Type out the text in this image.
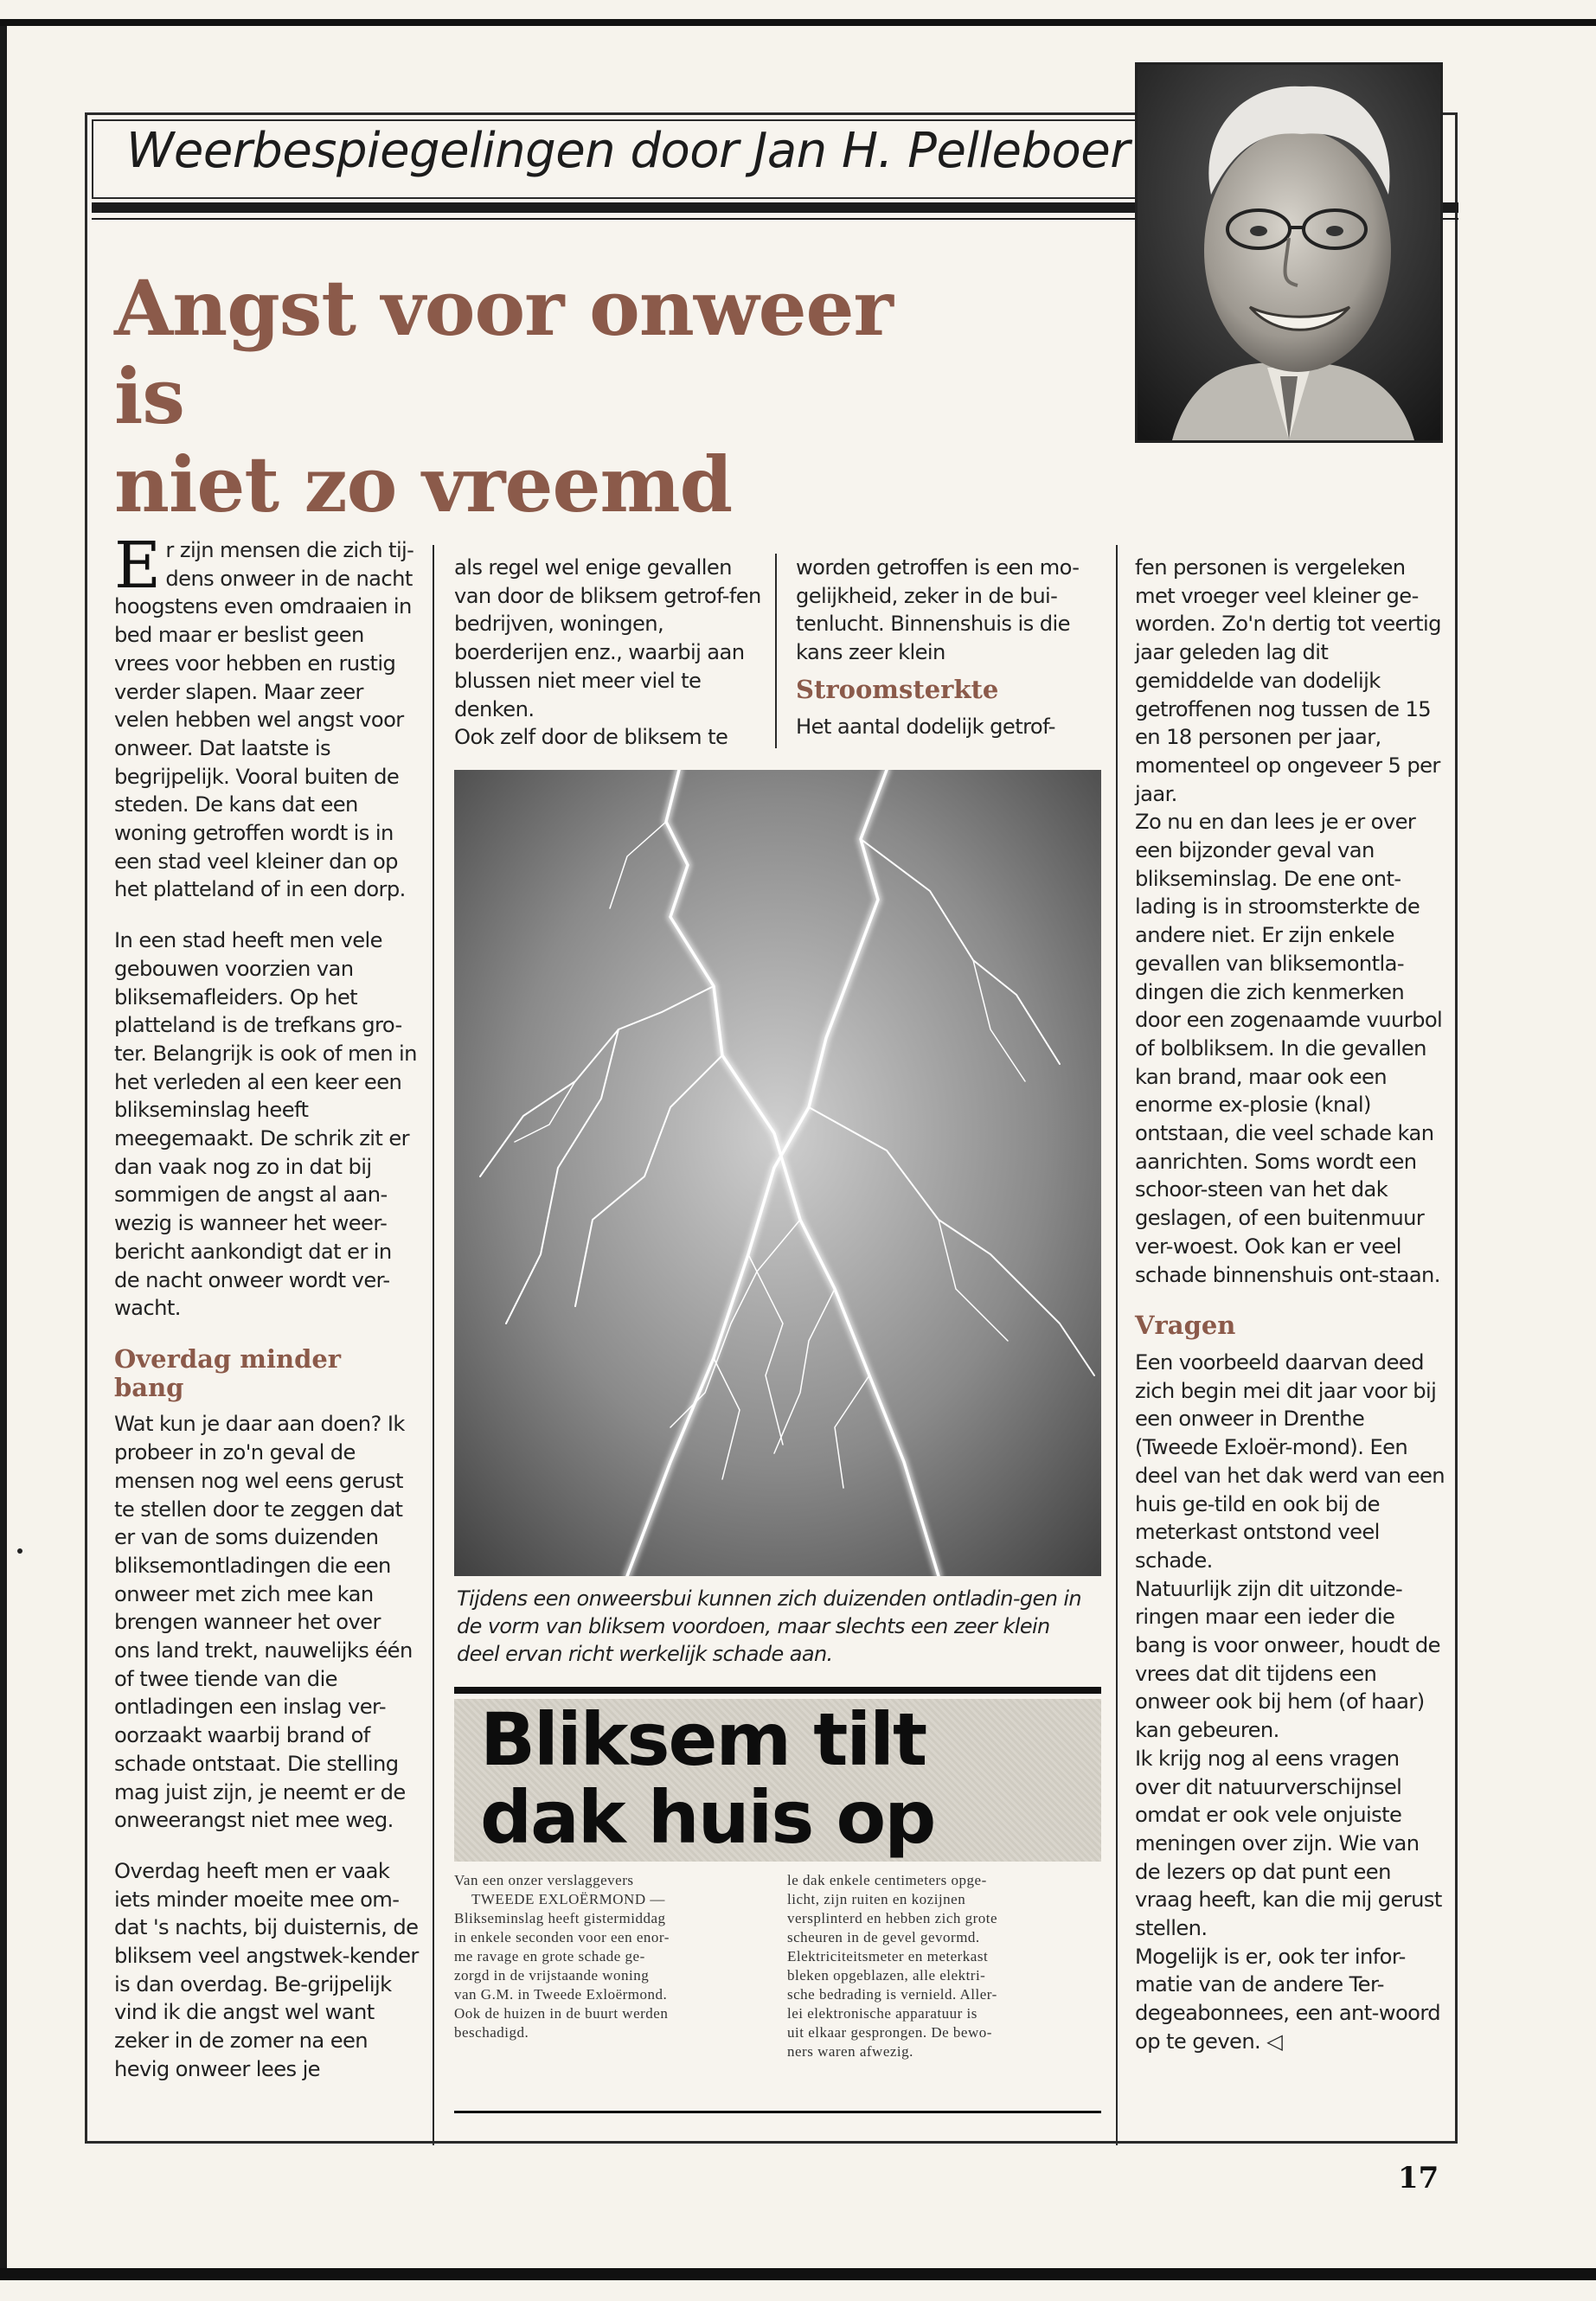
Weerbespiegelingen door Jan H. Pelleboer
Angst voor onweer is
niet zo vreemd

Er zijn mensen die zich tij-dens onweer in de nacht hoogstens even omdraaien in bed maar er beslist geen vrees voor hebben en rustig verder slapen. Maar zeer velen hebben wel angst voor onweer. Dat laatste is begrijpelijk. Vooral buiten de steden. De kans dat een woning getroffen wordt is in een stad veel kleiner dan op het platteland of in een dorp.

In een stad heeft men vele gebouwen voorzien van bliksemafleiders. Op het platteland is de trefkans gro-ter. Belangrijk is ook of men in het verleden al een keer een blikseminslag heeft meegemaakt. De schrik zit er dan vaak nog zo in dat bij sommigen de angst al aan-wezig is wanneer het weer-bericht aankondigt dat er in de nacht onweer wordt ver-wacht.

Overdag minder bang

Wat kun je daar aan doen? Ik probeer in zo'n geval de mensen nog wel eens gerust te stellen door te zeggen dat er van de soms duizenden bliksemontladingen die een onweer met zich mee kan brengen wanneer het over ons land trekt, nauwelijks één of twee tiende van die ontladingen een inslag ver-oorzaakt waarbij brand of schade ontstaat. Die stelling mag juist zijn, je neemt er de onweerangst niet mee weg.

Overdag heeft men er vaak iets minder moeite mee om-dat 's nachts, bij duisternis, de bliksem veel angstwek-kender is dan overdag. Be-grijpelijk vind ik die angst wel want zeker in de zomer na een hevig onweer lees je

als regel wel enige gevallen van door de bliksem getrof-fen bedrijven, woningen, boerderijen enz., waarbij aan blussen niet meer viel te denken.

Ook zelf door de bliksem te

worden getroffen is een mo-gelijkheid, zeker in de bui-tenlucht. Binnenshuis is die kans zeer klein

Stroomsterkte

Het aantal dodelijk getrof-

Tijdens een onweersbui kunnen zich duizenden ontladin-gen in de vorm van bliksem voordoen, maar slechts een zeer klein deel ervan richt werkelijk schade aan.
Bliksem tilt
dak huis op
Van een onzer verslaggevers
TWEEDE EXLOËRMOND —
Blikseminslag heeft gistermiddag
in enkele seconden voor een enor-
me ravage en grote schade ge-
zorgd in de vrijstaande woning
van G.M. in Tweede Exloërmond.
Ook de huizen in de buurt werden
beschadigd.
le dak enkele centimeters opge-
licht, zijn ruiten en kozijnen
versplinterd en hebben zich grote
scheuren in de gevel gevormd.
Elektriciteitsmeter en meterkast
bleken opgeblazen, alle elektri-
sche bedrading is vernield. Aller-
lei elektronische apparatuur is
uit elkaar gesprongen. De bewo-
ners waren afwezig.

fen personen is vergeleken met vroeger veel kleiner ge-worden. Zo'n dertig tot veertig jaar geleden lag dit gemiddelde van dodelijk getroffenen nog tussen de 15 en 18 personen per jaar, momenteel op ongeveer 5 per jaar.

Zo nu en dan lees je er over een bijzonder geval van blikseminslag. De ene ont-lading is in stroomsterkte de andere niet. Er zijn enkele gevallen van bliksemontla-dingen die zich kenmerken door een zogenaamde vuurbol of bolbliksem. In die gevallen kan brand, maar ook een enorme ex-plosie (knal) ontstaan, die veel schade kan aanrichten. Soms wordt een schoor-steen van het dak geslagen, of een buitenmuur ver-woest. Ook kan er veel schade binnenshuis ont-staan.

Vragen

Een voorbeeld daarvan deed zich begin mei dit jaar voor bij een onweer in Drenthe (Tweede Exloër-mond). Een deel van het dak werd van een huis ge-tild en ook bij de meterkast ontstond veel schade.

Natuurlijk zijn dit uitzonde-ringen maar een ieder die bang is voor onweer, houdt de vrees dat dit tijdens een onweer ook bij hem (of haar) kan gebeuren.

Ik krijg nog al eens vragen over dit natuurverschijnsel omdat er ook vele onjuiste meningen over zijn. Wie van de lezers op dat punt een vraag heeft, kan die mij gerust stellen.

Mogelijk is er, ook ter infor-matie van de andere Ter-degeabonnees, een ant-woord op te geven. ◁

17
